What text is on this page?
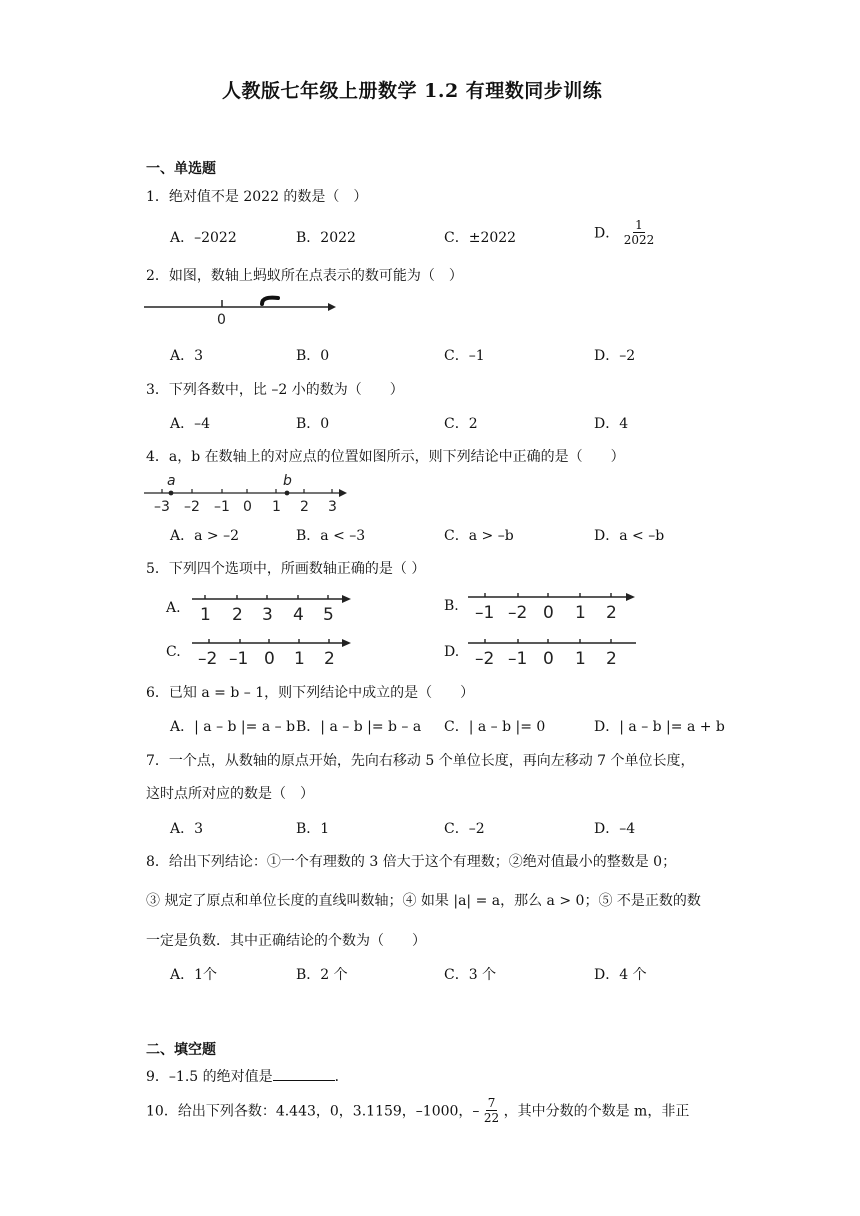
人教版七年级上册数学 1.2 有理数同步训练
一、单选题
1．绝对值不是 2022 的数是（　）
A．–2022	B．2022	C．±2022	D． $\frac{1}{2022}$
2．如图，数轴上蚂蚁所在点表示的数可能为（　）
0
A．3	B．0	C．–1	D．–2
3．下列各数中，比 –2 小的数为（　　）
A．–4	B．0	C．2	D．4
4．a，b 在数轴上的对应点的位置如图所示，则下列结论中正确的是（　　）
a	b
–3 –2 –1 0 1 2 3
A．a > –2	B．a < –3	C．a > –b	D．a < –b
5．下列四个选项中，所画数轴正确的是（ ）
A. 1 2 3 4 5	B. –1 –2 0 1 2
C. –2 –1 0 1 2	D. –2 –1 0 1 2
6．已知 a = b – 1，则下列结论中成立的是（　　）
A．| a – b |= a – b B．| a – b |= b – a C．| a – b |= 0	D．| a – b |= a + b
7．一个点，从数轴的原点开始，先向右移动 5 个单位长度，再向左移动 7 个单位长度，
这时点所对应的数是（　）
A．3	B．1	C．–2	D．–4
8．给出下列结论：①一个有理数的 3 倍大于这个有理数；②绝对值最小的整数是 0；
③ 规定了原点和单位长度的直线叫数轴；④ 如果 |a| = a，那么 a > 0；⑤ 不是正数的数
一定是负数．其中正确结论的个数为（　　）
A．1个	B．2 个	C．3 个	D．4 个
二、填空题
9．–1.5 的绝对值是	．
10．给出下列各数：4.443，0，3.1159，–1000，– $\frac{7}{22}$ ，其中分数的个数是 m，非正
